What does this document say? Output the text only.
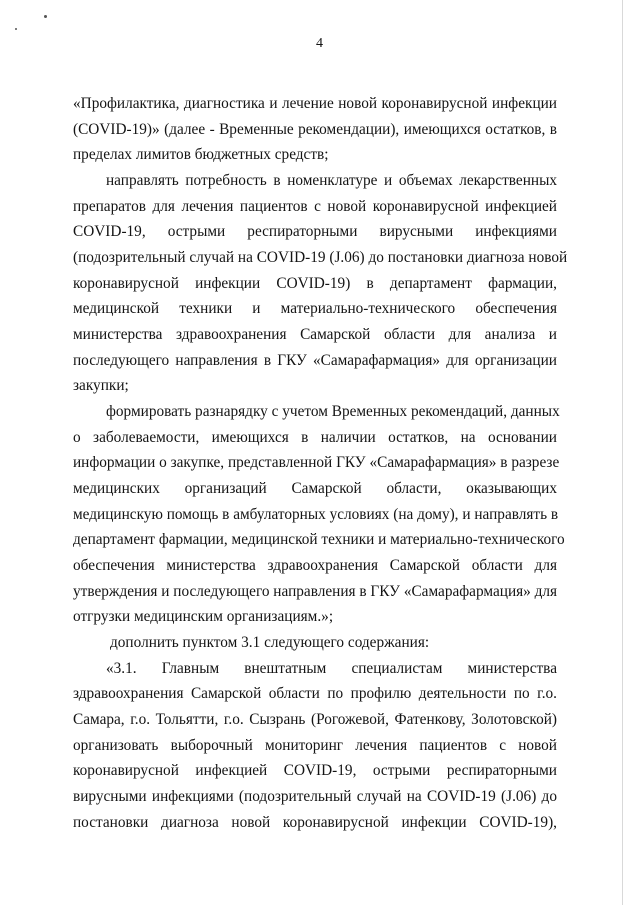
4
«Профилактика, диагностика и лечение новой коронавирусной инфекции
(COVID-19)» (далее - Временные рекомендации), имеющихся остатков, в
пределах лимитов бюджетных средств;
направлять потребность в номенклатуре и объемах лекарственных
препаратов для лечения пациентов с новой коронавирусной инфекцией
COVID-19, острыми респираторными вирусными инфекциями
(подозрительный случай на COVID-19 (J.06) до постановки диагноза новой
коронавирусной инфекции COVID-19) в департамент фармации,
медицинской техники и материально-технического обеспечения
министерства здравоохранения Самарской области для анализа и
последующего направления в ГКУ «Самарафармация» для организации
закупки;
формировать разнарядку с учетом Временных рекомендаций, данных
о заболеваемости, имеющихся в наличии остатков, на основании
информации о закупке, представленной ГКУ «Самарафармация» в разрезе
медицинских организаций Самарской области, оказывающих
медицинскую помощь в амбулаторных условиях (на дому), и направлять в
департамент фармации, медицинской техники и материально-технического
обеспечения министерства здравоохранения Самарской области для
утверждения и последующего направления в ГКУ «Самарафармация» для
отгрузки медицинским организациям.»;
дополнить пунктом 3.1 следующего содержания:
«3.1. Главным внештатным специалистам министерства
здравоохранения Самарской области по профилю деятельности по г.о.
Самара, г.о. Тольятти, г.о. Сызрань (Рогожевой, Фатенкову, Золотовской)
организовать выборочный мониторинг лечения пациентов с новой
коронавирусной инфекцией COVID-19, острыми респираторными
вирусными инфекциями (подозрительный случай на COVID-19 (J.06) до
постановки диагноза новой коронавирусной инфекции COVID-19),
